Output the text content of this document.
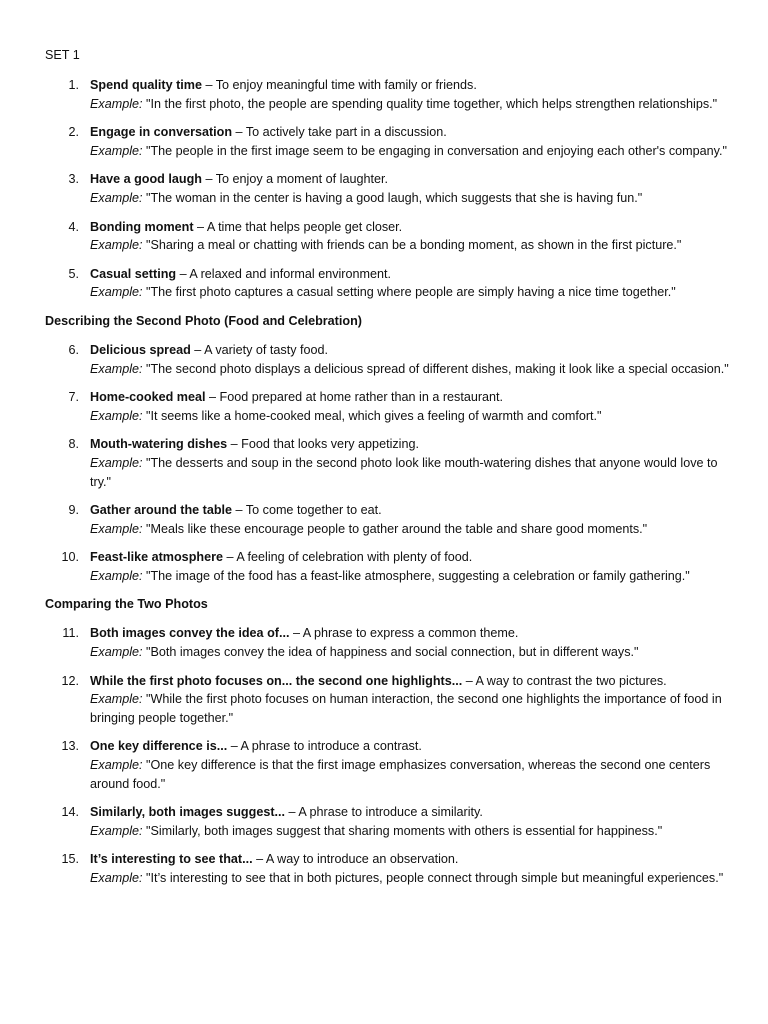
SET 1
1. Spend quality time – To enjoy meaningful time with family or friends.
Example: "In the first photo, the people are spending quality time together, which helps strengthen relationships."
2. Engage in conversation – To actively take part in a discussion.
Example: "The people in the first image seem to be engaging in conversation and enjoying each other's company."
3. Have a good laugh – To enjoy a moment of laughter.
Example: "The woman in the center is having a good laugh, which suggests that she is having fun."
4. Bonding moment – A time that helps people get closer.
Example: "Sharing a meal or chatting with friends can be a bonding moment, as shown in the first picture."
5. Casual setting – A relaxed and informal environment.
Example: "The first photo captures a casual setting where people are simply having a nice time together."
Describing the Second Photo (Food and Celebration)
6. Delicious spread – A variety of tasty food.
Example: "The second photo displays a delicious spread of different dishes, making it look like a special occasion."
7. Home-cooked meal – Food prepared at home rather than in a restaurant.
Example: "It seems like a home-cooked meal, which gives a feeling of warmth and comfort."
8. Mouth-watering dishes – Food that looks very appetizing.
Example: "The desserts and soup in the second photo look like mouth-watering dishes that anyone would love to try."
9. Gather around the table – To come together to eat.
Example: "Meals like these encourage people to gather around the table and share good moments."
10. Feast-like atmosphere – A feeling of celebration with plenty of food.
Example: "The image of the food has a feast-like atmosphere, suggesting a celebration or family gathering."
Comparing the Two Photos
11. Both images convey the idea of... – A phrase to express a common theme.
Example: "Both images convey the idea of happiness and social connection, but in different ways."
12. While the first photo focuses on... the second one highlights... – A way to contrast the two pictures.
Example: "While the first photo focuses on human interaction, the second one highlights the importance of food in bringing people together."
13. One key difference is... – A phrase to introduce a contrast.
Example: "One key difference is that the first image emphasizes conversation, whereas the second one centers around food."
14. Similarly, both images suggest... – A phrase to introduce a similarity.
Example: "Similarly, both images suggest that sharing moments with others is essential for happiness."
15. It’s interesting to see that... – A way to introduce an observation.
Example: "It’s interesting to see that in both pictures, people connect through simple but meaningful experiences."
